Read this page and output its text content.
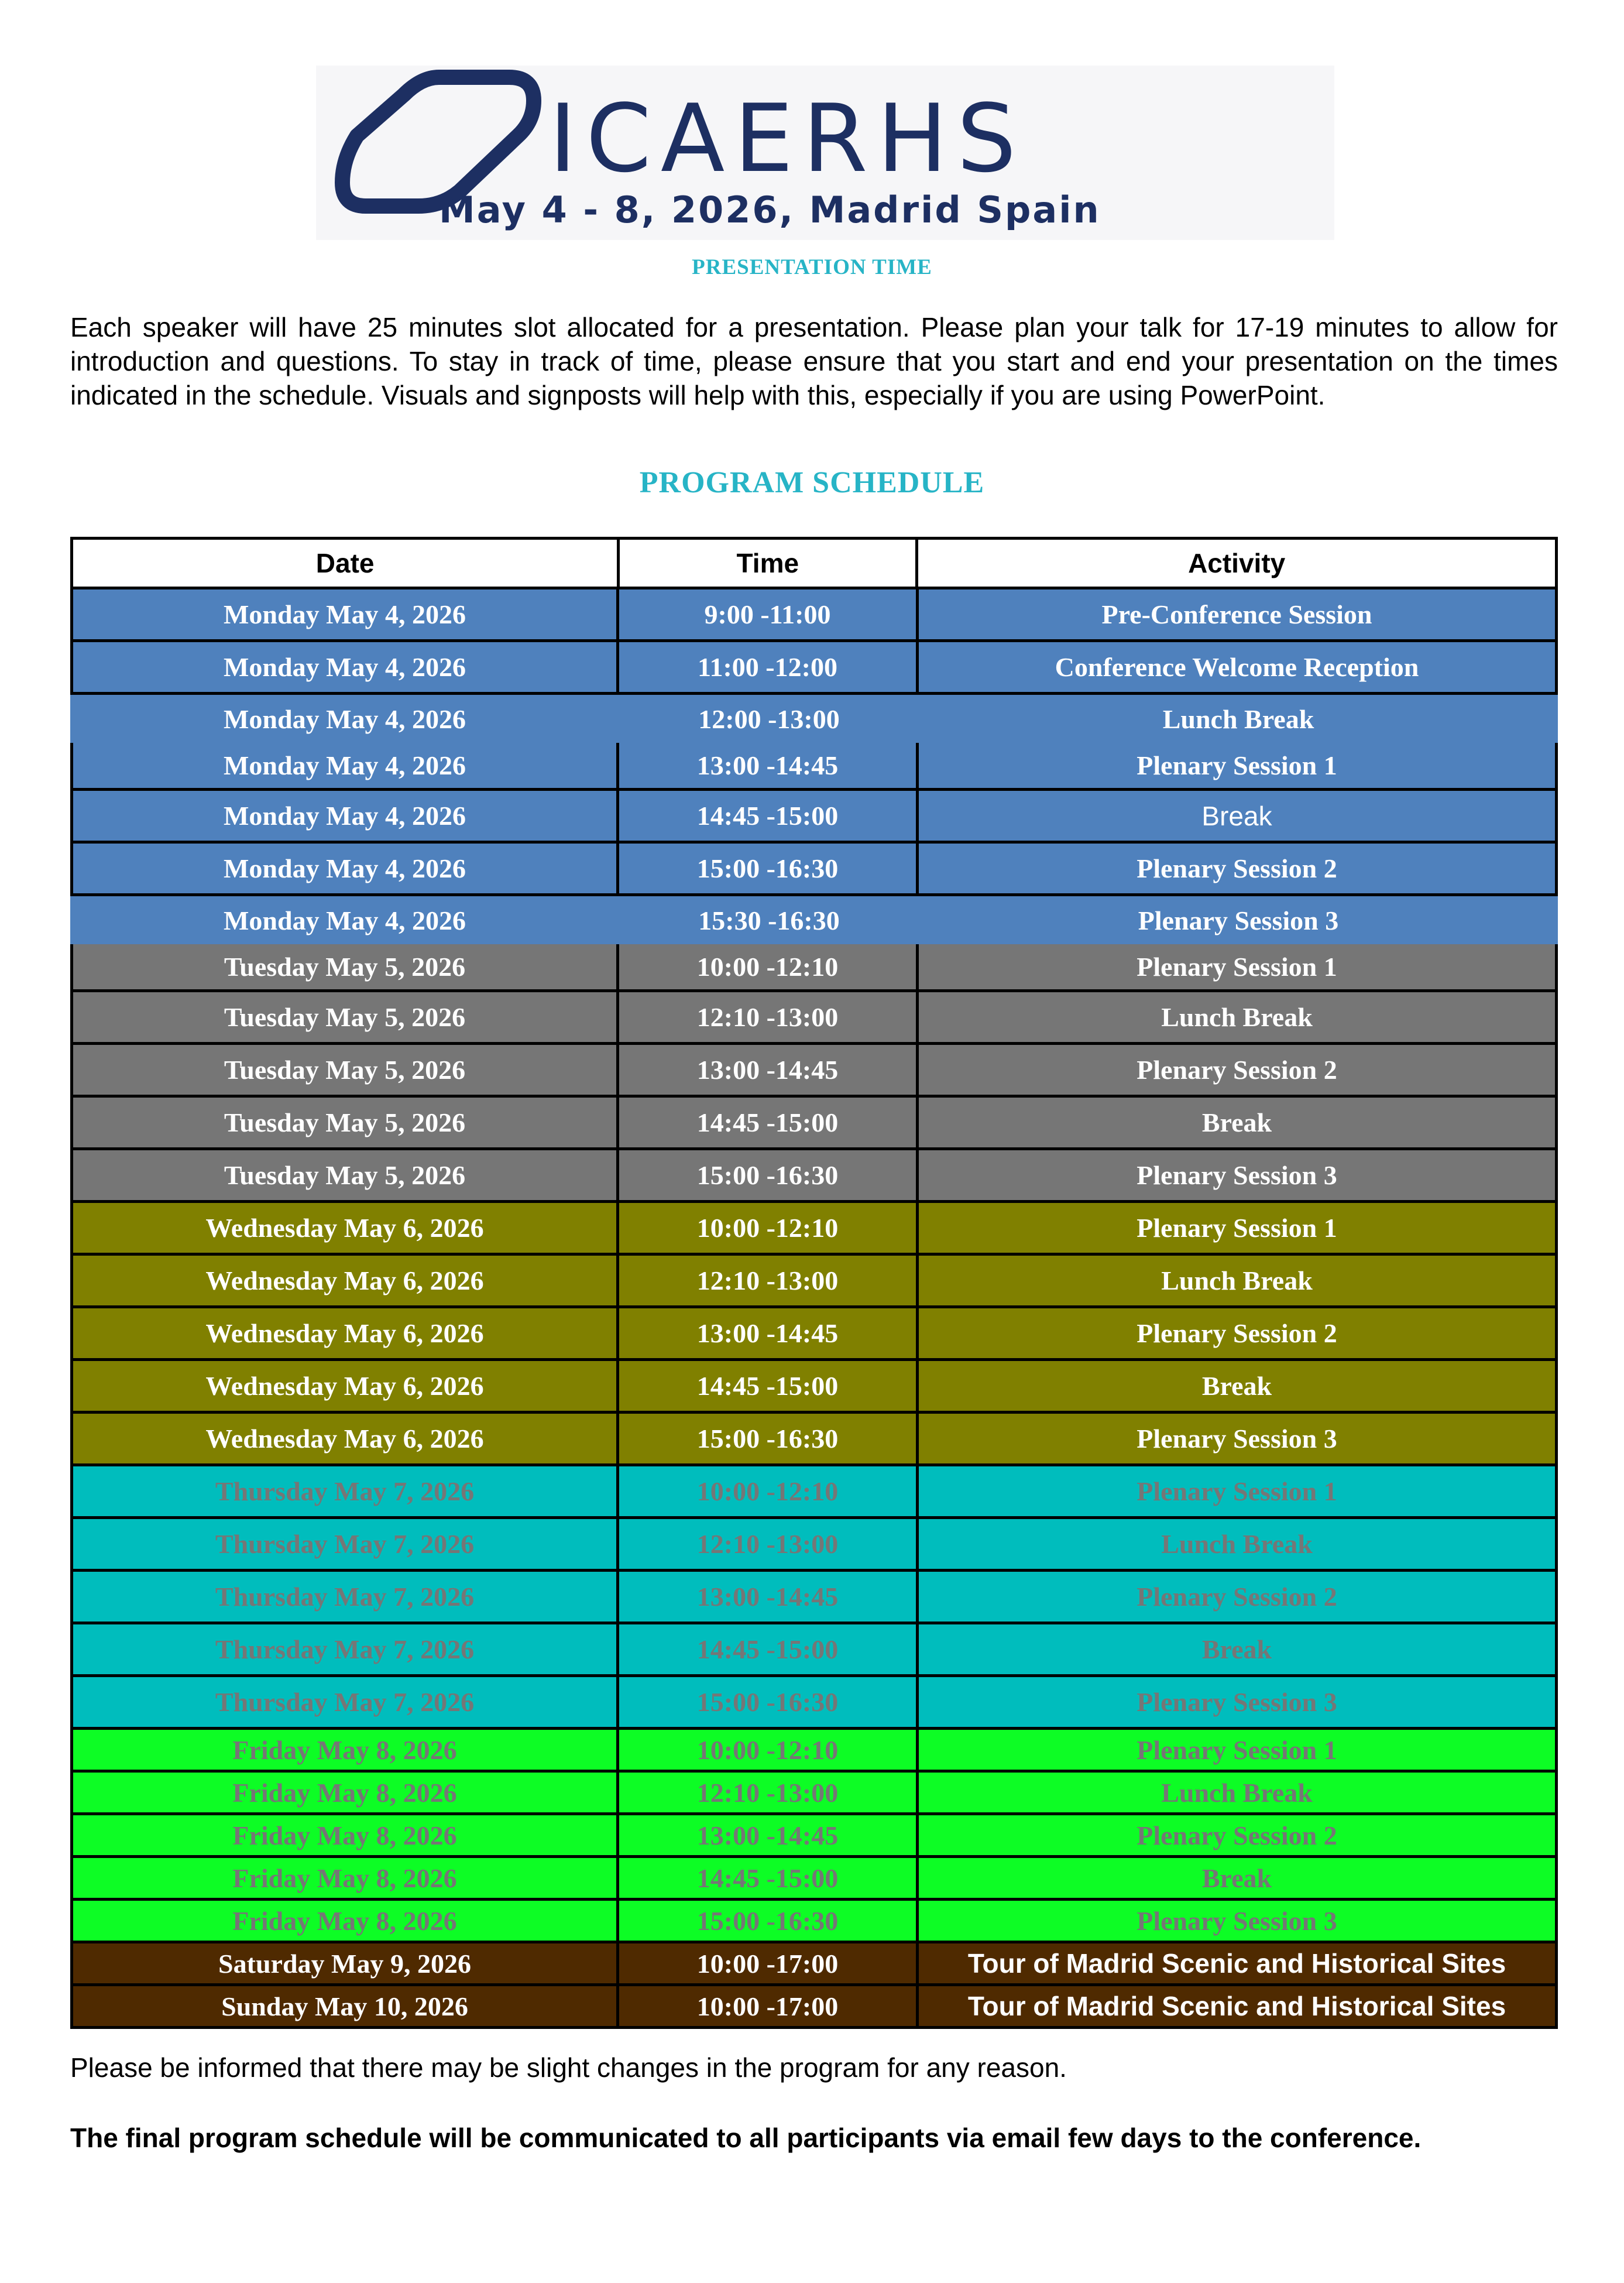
ICAERHS
May 4 - 8, 2026, Madrid Spain
PRESENTATION TIME
Each speaker will have 25 minutes slot allocated for a presentation. Please plan your talk for 17-19 minutes to allow for introduction and questions. To stay in track of time, please ensure that you start and end your presentation on the times indicated in the schedule. Visuals and signposts will help with this, especially if you are using PowerPoint.
PROGRAM SCHEDULE
Date	Time	Activity
Monday May 4, 2026	9:00 -11:00	Pre-Conference Session
Monday May 4, 2026	11:00 -12:00	Conference Welcome Reception
Monday May 4, 2026	12:00 -13:00	Lunch Break
Monday May 4, 2026	13:00 -14:45	Plenary Session 1
Monday May 4, 2026	14:45 -15:00	Break
Monday May 4, 2026	15:00 -16:30	Plenary Session 2
Monday May 4, 2026	15:30 -16:30	Plenary Session 3
Tuesday May 5, 2026	10:00 -12:10	Plenary Session 1
Tuesday May 5, 2026	12:10 -13:00	Lunch Break
Tuesday May 5, 2026	13:00 -14:45	Plenary Session 2
Tuesday May 5, 2026	14:45 -15:00	Break
Tuesday May 5, 2026	15:00 -16:30	Plenary Session 3
Wednesday May 6, 2026	10:00 -12:10	Plenary Session 1
Wednesday May 6, 2026	12:10 -13:00	Lunch Break
Wednesday May 6, 2026	13:00 -14:45	Plenary Session 2
Wednesday May 6, 2026	14:45 -15:00	Break
Wednesday May 6, 2026	15:00 -16:30	Plenary Session 3
Thursday May 7, 2026	10:00 -12:10	Plenary Session 1
Thursday May 7, 2026	12:10 -13:00	Lunch Break
Thursday May 7, 2026	13:00 -14:45	Plenary Session 2
Thursday May 7, 2026	14:45 -15:00	Break
Thursday May 7, 2026	15:00 -16:30	Plenary Session 3
Friday May 8, 2026	10:00 -12:10	Plenary Session 1
Friday May 8, 2026	12:10 -13:00	Lunch Break
Friday May 8, 2026	13:00 -14:45	Plenary Session 2
Friday May 8, 2026	14:45 -15:00	Break
Friday May 8, 2026	15:00 -16:30	Plenary Session 3
Saturday May 9, 2026	10:00 -17:00	Tour of Madrid Scenic and Historical Sites
Sunday May 10, 2026	10:00 -17:00	Tour of Madrid Scenic and Historical Sites
Please be informed that there may be slight changes in the program for any reason.
The final program schedule will be communicated to all participants via email few days to the conference.
